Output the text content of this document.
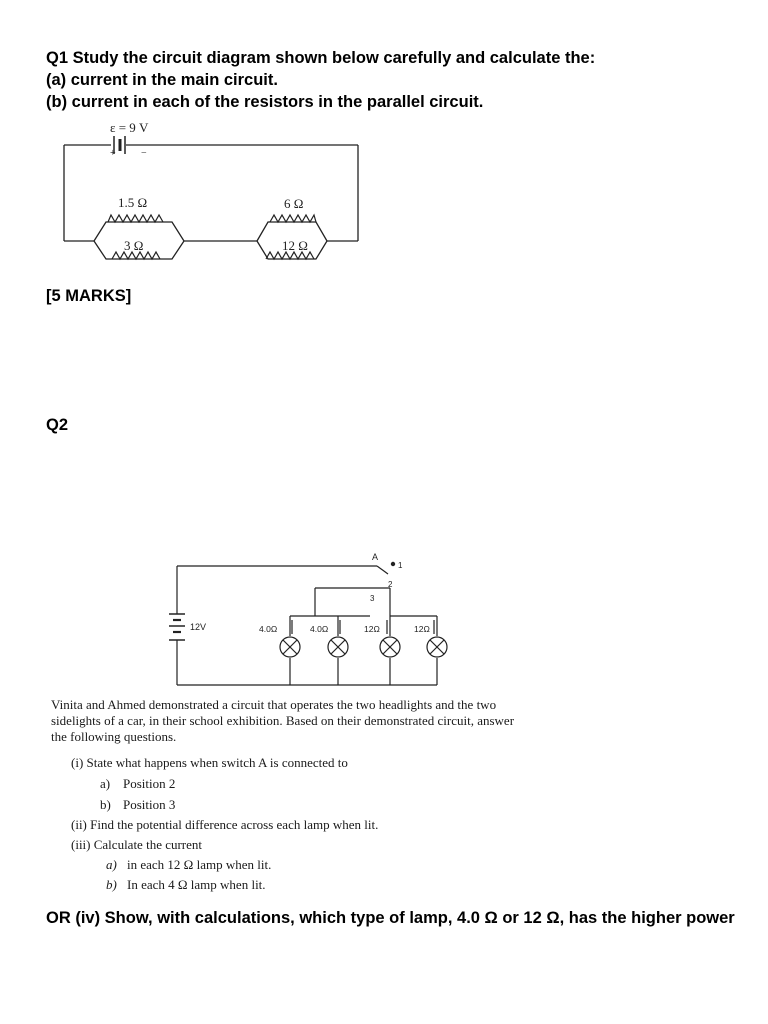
Q1 Study the circuit diagram shown below carefully and calculate the:
(a) current in the main circuit.
(b) current in each of the resistors in the parallel circuit.
ε = 9 V
+	−
1.5 Ω
3 Ω
6 Ω
12 Ω
[5 MARKS]
Q2
A
1
2
3
12V	4.0Ω	4.0Ω	12Ω	12Ω
Vinita and Ahmed demonstrated a circuit that operates the two headlights and the two
sidelights of a car, in their school exhibition. Based on their demonstrated circuit, answer
the following questions.
(i) State what happens when switch A is connected to
a) Position 2
b) Position 3
(ii) Find the potential difference across each lamp when lit.
(iii) Calculate the current
a) in each 12 Ω lamp when lit.
b) In each 4 Ω lamp when lit.
OR (iv) Show, with calculations, which type of lamp, 4.0 Ω or 12 Ω, has the higher power
